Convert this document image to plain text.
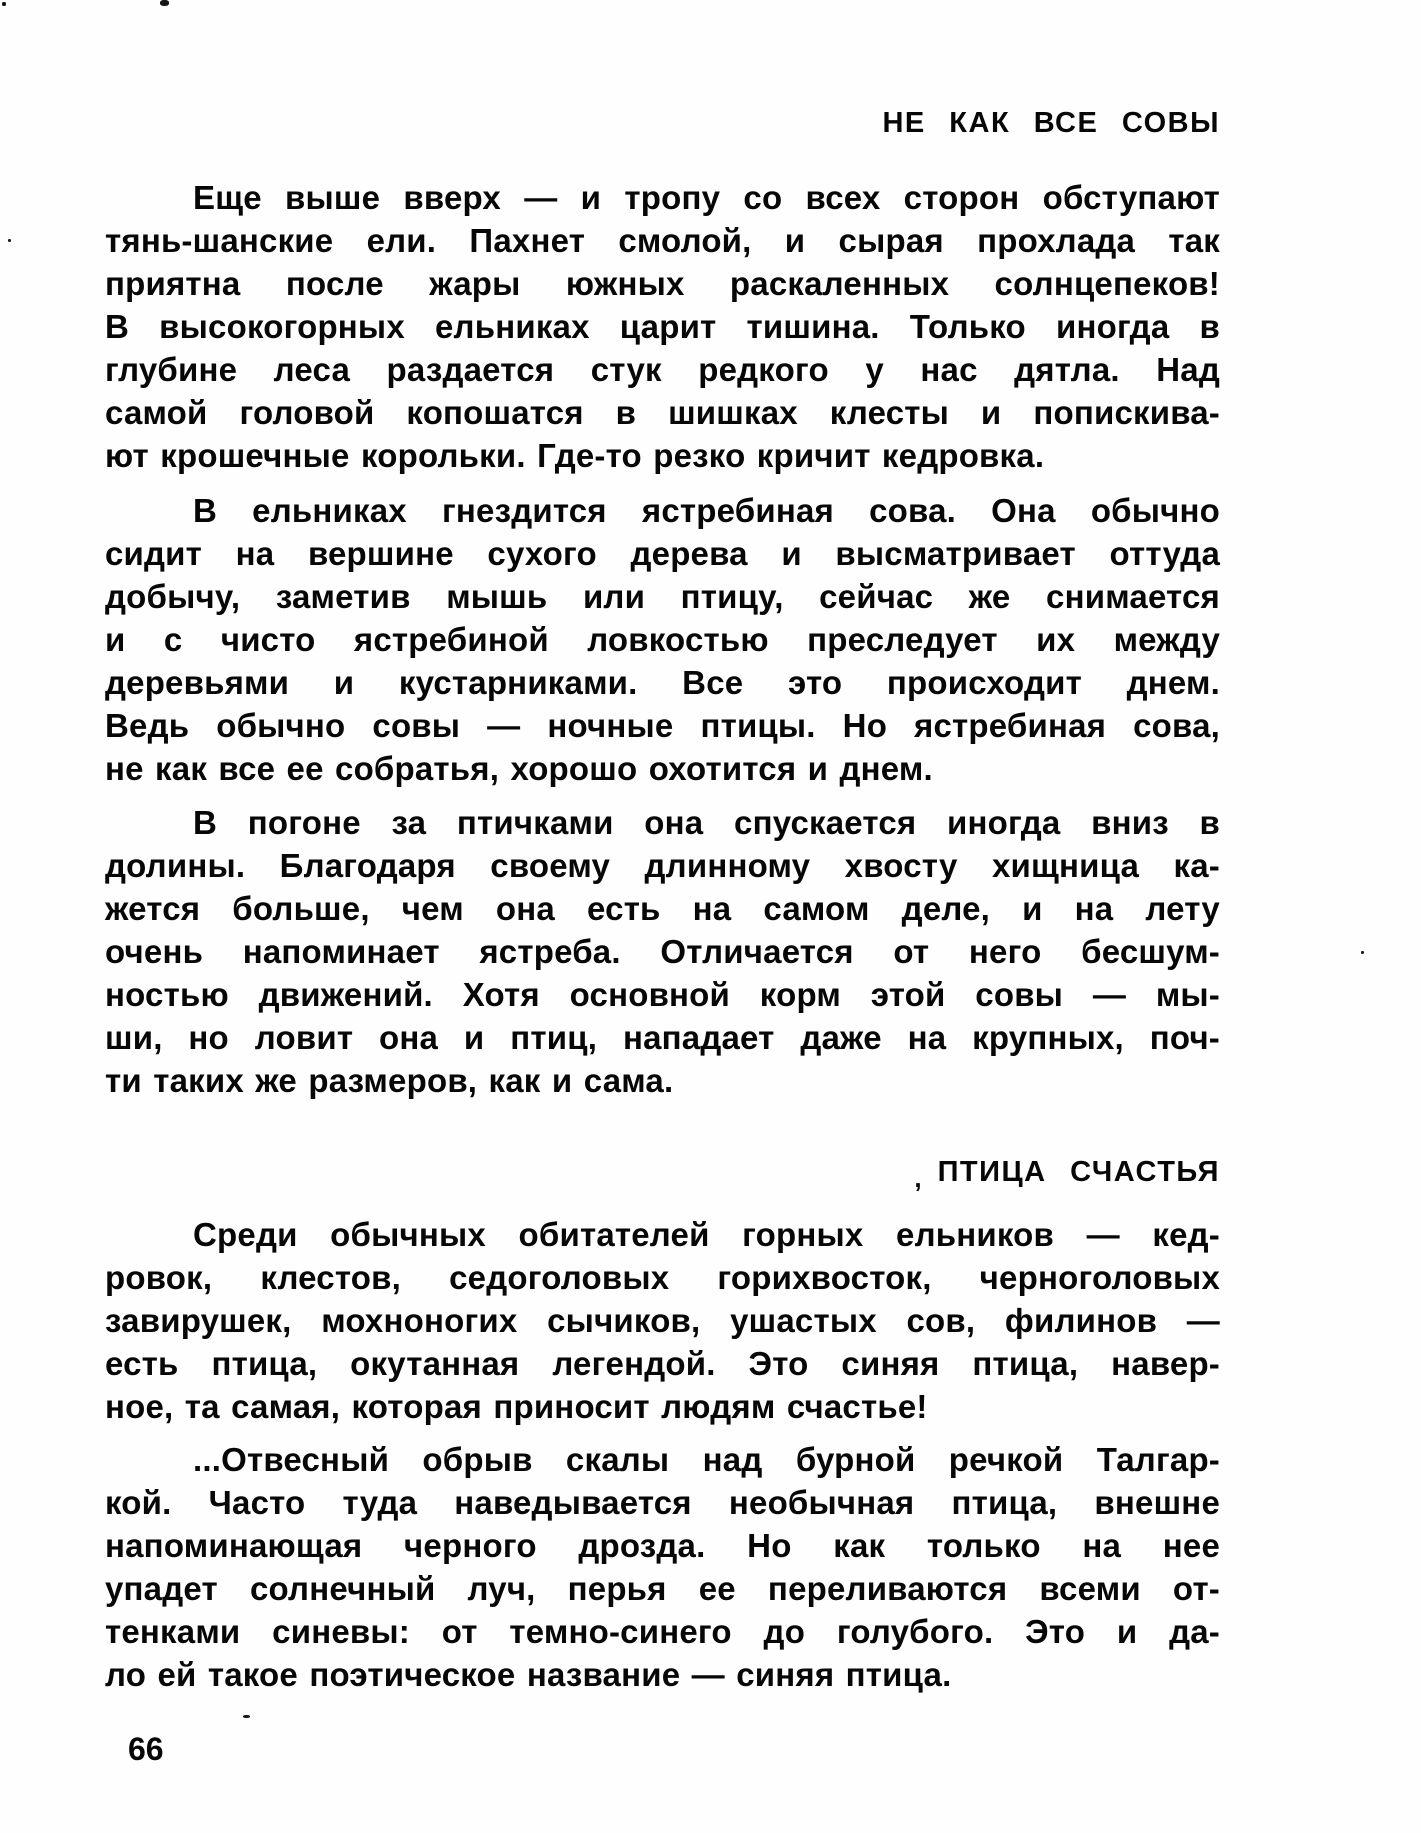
НЕ КАК ВСЕ СОВЫ
Еще выше вверх — и тропу со всех сторон обступают
тянь-шанские ели. Пахнет смолой, и сырая прохлада так
приятна после жары южных раскаленных солнцепеков!
В высокогорных ельниках царит тишина. Только иногда в
глубине леса раздается стук редкого у нас дятла. Над
самой головой копошатся в шишках клесты и попискива-
ют крошечные корольки. Где-то резко кричит кедровка.
В ельниках гнездится ястребиная сова. Она обычно
сидит на вершине сухого дерева и высматривает оттуда
добычу, заметив мышь или птицу, сейчас же снимается
и с чисто ястребиной ловкостью преследует их между
деревьями и кустарниками. Все это происходит днем.
Ведь обычно совы — ночные птицы. Но ястребиная сова,
не как все ее собратья, хорошо охотится и днем.
В погоне за птичками она спускается иногда вниз в
долины. Благодаря своему длинному хвосту хищница ка-
жется больше, чем она есть на самом деле, и на лету
очень напоминает ястреба. Отличается от него бесшум-
ностью движений. Хотя основной корм этой совы — мы-
ши, но ловит она и птиц, нападает даже на крупных, поч-
ти таких же размеров, как и сама.
, ПТИЦА СЧАСТЬЯ
Среди обычных обитателей горных ельников — кед-
ровок, клестов, седоголовых горихвосток, черноголовых
завирушек, мохноногих сычиков, ушастых сов, филинов —
есть птица, окутанная легендой. Это синяя птица, навер-
ное, та самая, которая приносит людям счастье!
...Отвесный обрыв скалы над бурной речкой Талгар-
кой. Часто туда наведывается необычная птица, внешне
напоминающая черного дрозда. Но как только на нее
упадет солнечный луч, перья ее переливаются всеми от-
тенками синевы: от темно-синего до голубого. Это и да-
ло ей такое поэтическое название — синяя птица.
66
